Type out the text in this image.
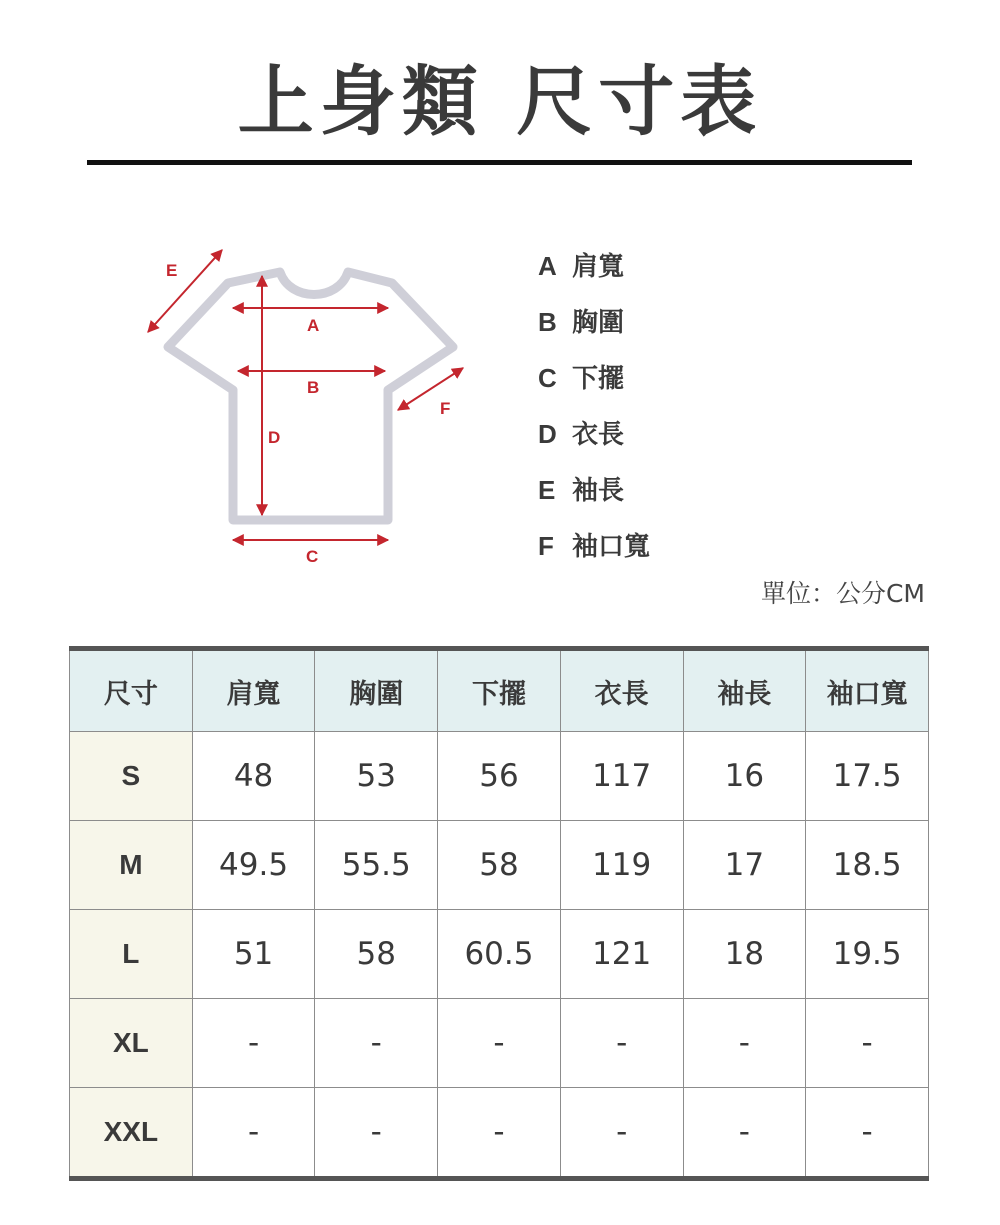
上身類 尺寸表
A
B
C
D
E
F
A 肩寬
B 胸圍
C 下擺
D 衣長
E 袖長
F 袖口寬
單位：公分CM
尺寸	肩寬	胸圍	下擺	衣長	袖長	袖口寬
S	48	53	56	117	16	17.5
M	49.5	55.5	58	119	17	18.5
L	51	58	60.5	121	18	19.5
XL	-	-	-	-	-	-
XXL	-	-	-	-	-	-
